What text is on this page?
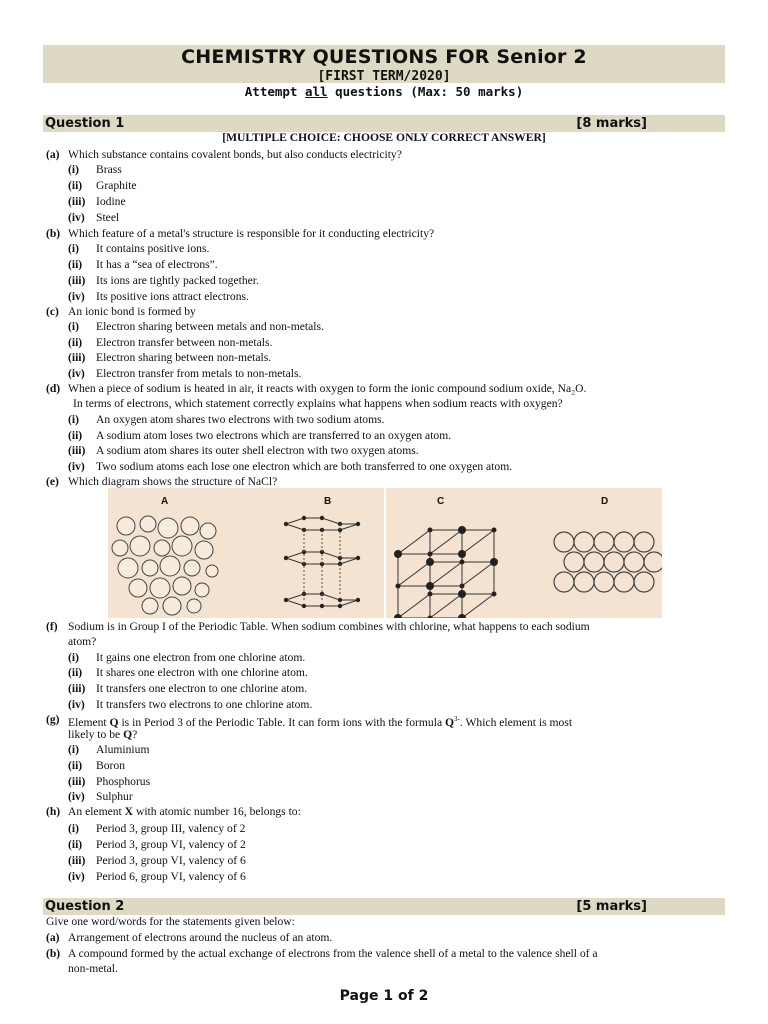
CHEMISTRY QUESTIONS FOR Senior 2
[FIRST TERM/2020]
Attempt all questions (Max: 50 marks)
Question 1	[8 marks]
[MULTIPLE CHOICE: CHOOSE ONLY CORRECT ANSWER]
(a) Which substance contains covalent bonds, but also conducts electricity?
(i) Brass
(ii) Graphite
(iii) Iodine
(iv) Steel
(b) Which feature of a metal's structure is responsible for it conducting electricity?
(i) It contains positive ions.
(ii) It has a “sea of electrons”.
(iii) Its ions are tightly packed together.
(iv) Its positive ions attract electrons.
(c) An ionic bond is formed by
(i) Electron sharing between metals and non-metals.
(ii) Electron transfer between non-metals.
(iii) Electron sharing between non-metals.
(iv) Electron transfer from metals to non-metals.
(e) Which diagram shows the structure of NaCl?
(f) Sodium is in Group I of the Periodic Table. When sodium combines with chlorine, what happens to each sodium
atom?
(i) It gains one electron from one chlorine atom.
(ii) It shares one electron with one chlorine atom.
(iii) It transfers one electron to one chlorine atom.
(iv) It transfers two electrons to one chlorine atom.
(h) An element X with atomic number 16, belongs to:
(i) Period 3, group III, valency of 2
(ii) Period 3, group VI, valency of 2
(iii) Period 3, group VI, valency of 6
(iv) Period 6, group VI, valency of 6
(d) When a piece of sodium is heated in air, it reacts with oxygen to form the ionic compound sodium oxide, Na₂O.
In terms of electrons, which statement correctly explains what happens when sodium reacts with oxygen?
(i) An oxygen atom shares two electrons with two sodium atoms.
(ii) A sodium atom loses two electrons which are transferred to an oxygen atom.
(iii) A sodium atom shares its outer shell electron with two oxygen atoms.
(iv) Two sodium atoms each lose one electron which are both transferred to one oxygen atom.
(g) Element Q is in Period 3 of the Periodic Table. It can form ions with the formula $Q^{3-}$. Which element is most
likely to be Q?
(i) Aluminium
(ii) Boron
(iii) Phosphorus
(iv) Sulphur
A	B	C	D
Question 2	[5 marks]
Give one word/words for the statements given below:
(a) Arrangement of electrons around the nucleus of an atom.
(b) A compound formed by the actual exchange of electrons from the valence shell of a metal to the valence shell of a
non-metal.
Page 1 of 2
